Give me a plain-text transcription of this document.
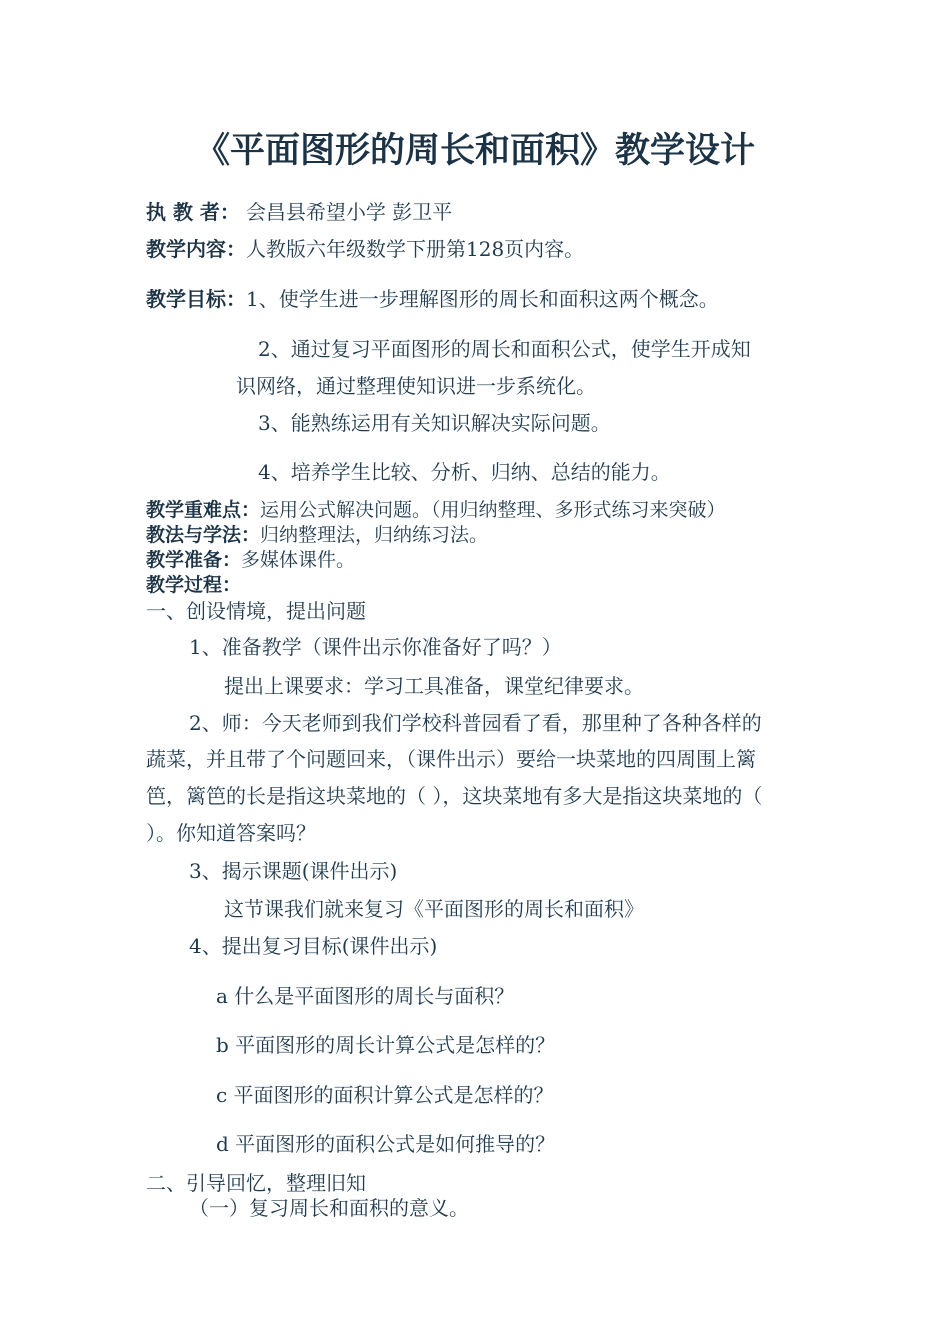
《平面图形的周长和面积》教学设计
执 教 者： 会昌县希望小学 彭卫平
教学内容：人教版六年级数学下册第128页内容。
教学目标：1、使学生进一步理解图形的周长和面积这两个概念。
2、通过复习平面图形的周长和面积公式，使学生开成知
识网络，通过整理使知识进一步系统化。
3、能熟练运用有关知识解决实际问题。
4、培养学生比较、分析、归纳、总结的能力。
教学重难点：运用公式解决问题。（用归纳整理、多形式练习来突破）
教法与学法：归纳整理法，归纳练习法。
教学准备：多媒体课件。
教学过程：
一、创设情境，提出问题
1、准备教学（课件出示你准备好了吗？）
提出上课要求：学习工具准备，课堂纪律要求。
2、师：今天老师到我们学校科普园看了看，那里种了各种各样的
蔬菜，并且带了个问题回来，（课件出示）要给一块菜地的四周围上篱
笆，篱笆的长是指这块菜地的（ ），这块菜地有多大是指这块菜地的（
）。你知道答案吗？
3、揭示课题(课件出示)
这节课我们就来复习《平面图形的周长和面积》
4、提出复习目标(课件出示)
a 什么是平面图形的周长与面积？
b 平面图形的周长计算公式是怎样的？
c 平面图形的面积计算公式是怎样的？
d 平面图形的面积公式是如何推导的？
二、引导回忆，整理旧知
（一）复习周长和面积的意义。
